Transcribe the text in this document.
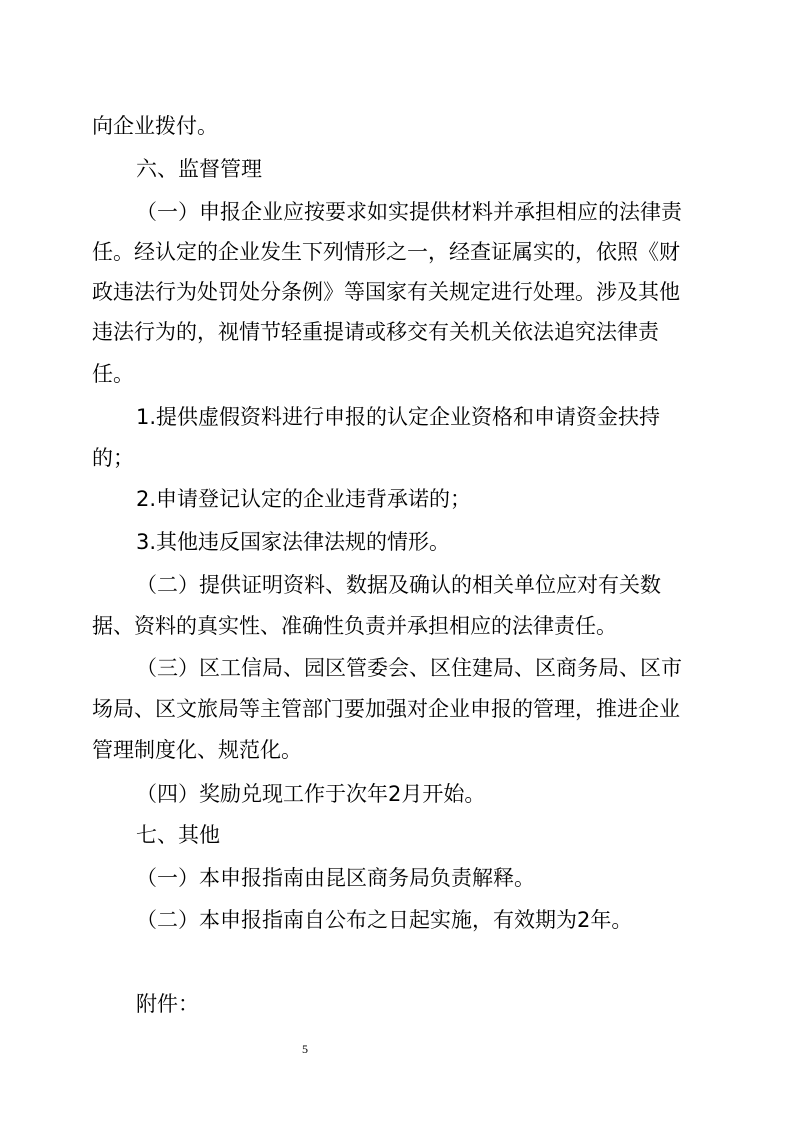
向企业拨付。
六、监督管理
（一）申报企业应按要求如实提供材料并承担相应的法律责
任。经认定的企业发生下列情形之一，经查证属实的，依照《财
政违法行为处罚处分条例》等国家有关规定进行处理。涉及其他
违法行为的，视情节轻重提请或移交有关机关依法追究法律责
任。
1.提供虚假资料进行申报的认定企业资格和申请资金扶持
的；
2.申请登记认定的企业违背承诺的；
3.其他违反国家法律法规的情形。
（二）提供证明资料、数据及确认的相关单位应对有关数
据、资料的真实性、准确性负责并承担相应的法律责任。
（三）区工信局、园区管委会、区住建局、区商务局、区市
场局、区文旅局等主管部门要加强对企业申报的管理，推进企业
管理制度化、规范化。
（四）奖励兑现工作于次年2月开始。
七、其他
（一）本申报指南由昆区商务局负责解释。
（二）本申报指南自公布之日起实施，有效期为2年。
附件：
5
